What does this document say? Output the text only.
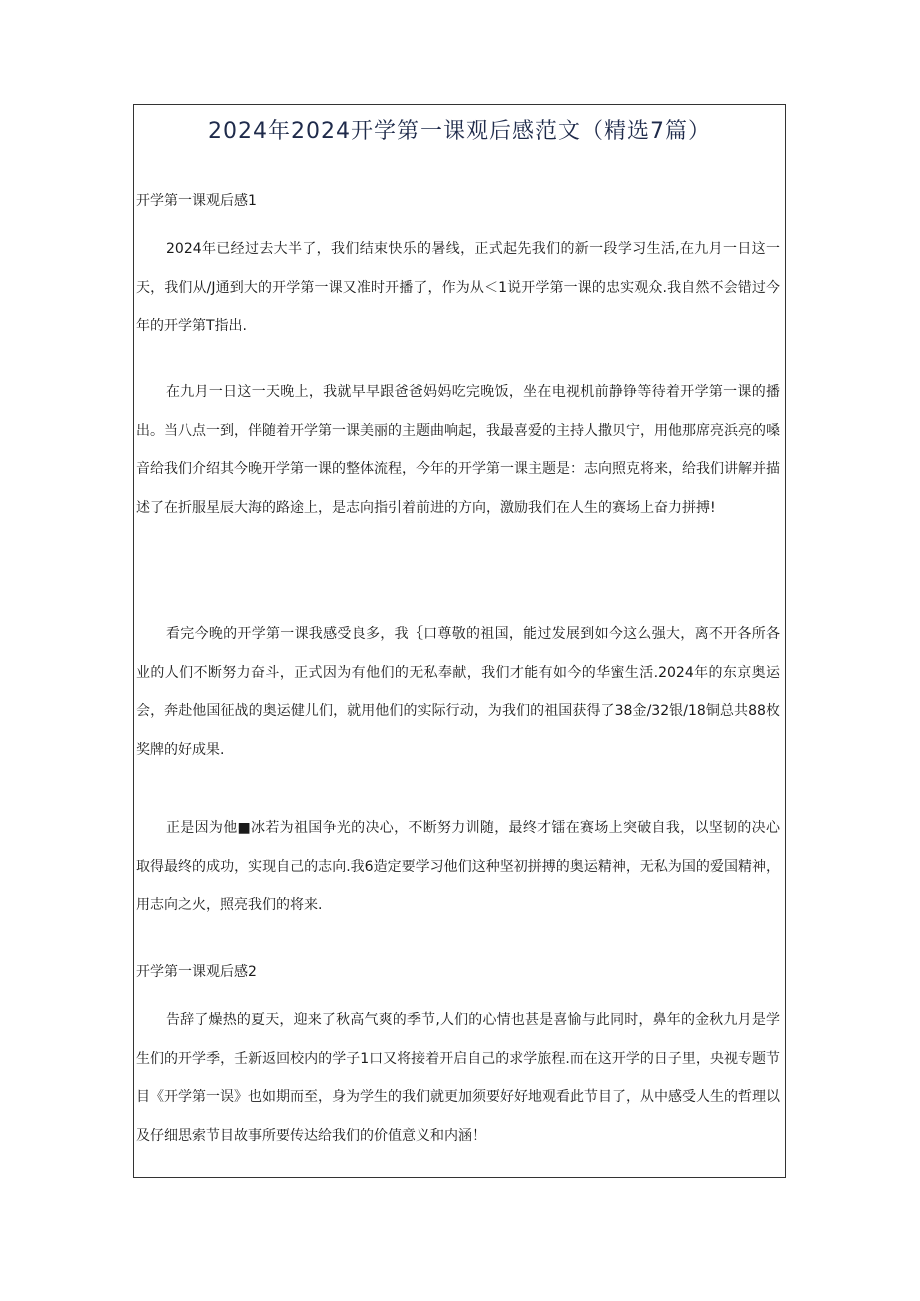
2024年2024开学第一课观后感范文（精选7篇）
开学第一课观后感1

2024年已经过去大半了，我们结束快乐的暑线，正式起先我们的新一段学习生活,在九月一日这一天，我们从/J通到大的开学第一课又准时开播了，作为从＜1说开学第一课的忠实观众.我自然不会错过今年的开学第T指出.

在九月一日这一天晚上，我就早早跟爸爸妈妈吃完晚饭，坐在电视机前静铮等待着开学第一课的播出。当八点一到，伴随着开学第一课美丽的主题曲响起，我最喜爱的主持人撒贝宁，用他那席亮浜亮的嗓音给我们介绍其今晚开学第一课的整体流程，今年的开学第一课主题是：志向照克将来，给我们讲解并描述了在折服星辰大海的路途上，是志向指引着前进的方向，激励我们在人生的赛场上奋力拼搏!

看完今晚的开学第一课我感受良多，我｛口尊敬的祖国，能过发展到如今这么强大，离不开各所各业的人们不断努力奋斗，正式因为有他们的无私奉献，我们才能有如今的华蜜生活.2024年的东京奥运会，奔赴他国征战的奥运健儿们，就用他们的实际行动，为我们的祖国获得了38金/32银/18铜总共88枚奖牌的好成果.

正是因为他■冰若为祖国争光的决心，不断努力训随，最终才镭在赛场上突破自我，以坚韧的决心取得最终的成功，实现自己的志向.我6造定要学习他们这种坚初拼搏的奥运精神，无私为国的爱国精神，用志向之火，照亮我们的将来.

开学第一课观后感2

告辞了燥热的夏天，迎来了秋高气爽的季节,人们的心情也甚是喜愉与此同时，鼻年的金秋九月是学生们的开学季，壬新返回校内的学子1口又将接着开启自己的求学旅程.而在这开学的日子里，央视专题节目《开学第一误》也如期而至，身为学生的我们就更加须要好好地观看此节目了，从中感受人生的哲理以及仔细思索节目故事所要传达给我们的价值意义和内涵！
